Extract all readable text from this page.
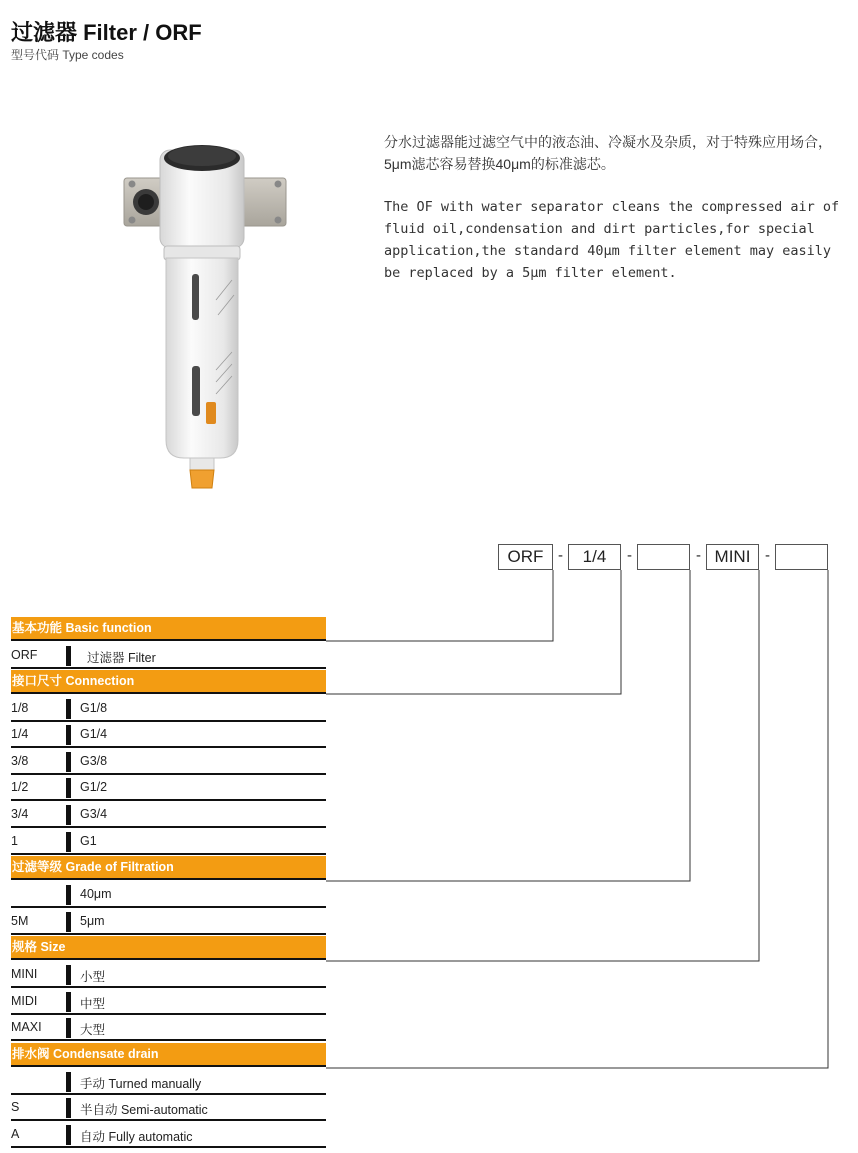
过滤器 Filter / ORF
型号代码 Type codes
分水过滤器能过滤空气中的液态油、冷凝水及杂质，对于特殊应用场合，5μm滤芯容易替换40μm的标准滤芯。
The OF with water separator cleans the compressed air of fluid oil,condensation and dirt particles,for special application,the standard 40μm filter element may easily be replaced by a 5μm filter element.
ORF -	1/4	-	- MINI -
基本功能 Basic function
ORF	过滤器 Filter
接口尺寸 Connection
1/8	G1/8
1/4	G1/4
3/8	G3/8
1/2	G1/2
3/4	G3/4
1	G1
过滤等级 Grade of Filtration
40μm
5M	5μm
规格 Size
MINI	小型
MIDI	中型
MAXI	大型
排水阀 Condensate drain
手动 Turned manually
S	半自动 Semi-automatic
A	自动 Fully automatic
